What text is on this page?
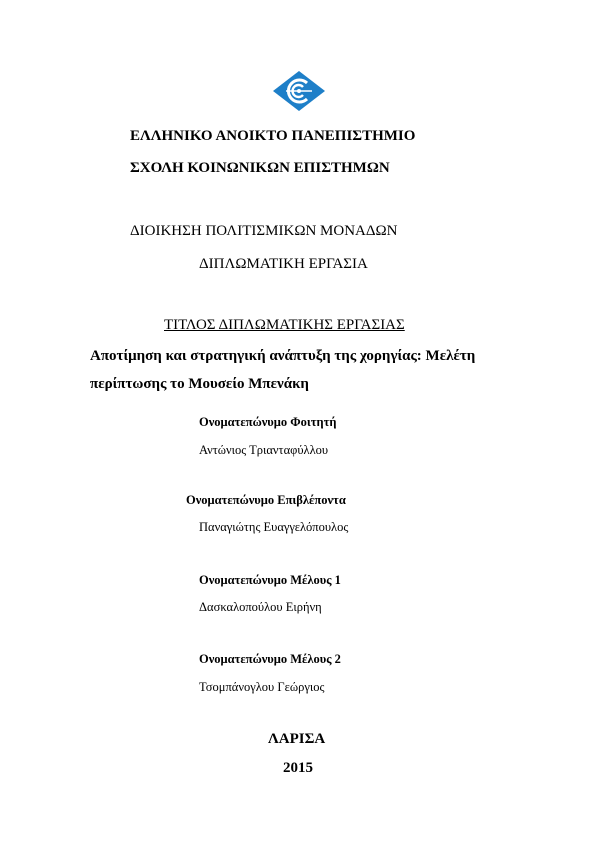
ΕΛΛΗΝΙΚΟ ΑΝΟΙΚΤΟ ΠΑΝΕΠΙΣΤΗΜΙΟ
ΣΧΟΛΗ ΚΟΙΝΩΝΙΚΩΝ ΕΠΙΣΤΗΜΩΝ
ΔΙΟΙΚΗΣΗ ΠΟΛΙΤΙΣΜΙΚΩΝ ΜΟΝΑΔΩΝ
ΔΙΠΛΩΜΑΤΙΚΗ ΕΡΓΑΣΙΑ
ΤΙΤΛΟΣ ΔΙΠΛΩΜΑΤΙΚΗΣ ΕΡΓΑΣΙΑΣ
Αποτίμηση και στρατηγική ανάπτυξη της χορηγίας: Μελέτη
περίπτωσης το Μουσείο Μπενάκη
Ονοματεπώνυμο Φοιτητή
Αντώνιος Τριανταφύλλου
Ονοματεπώνυμο Επιβλέποντα
Παναγιώτης Ευαγγελόπουλος
Ονοματεπώνυμο Μέλους 1
Δασκαλοπούλου Ειρήνη
Ονοματεπώνυμο Μέλους 2
Τσομπάνογλου Γεώργιος
ΛΑΡΙΣΑ
2015
